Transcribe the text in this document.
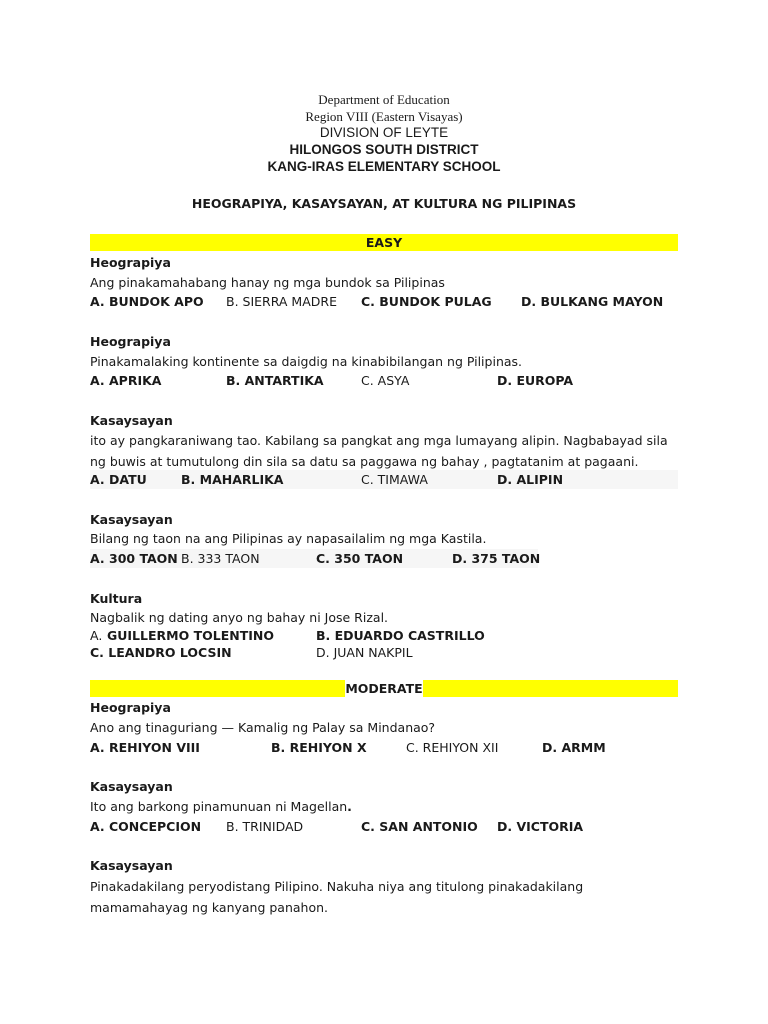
Department of Education
Region VIII (Eastern Visayas)
DIVISION OF LEYTE
HILONGOS SOUTH DISTRICT
KANG-IRAS ELEMENTARY SCHOOL
HEOGRAPIYA, KASAYSAYAN, AT KULTURA NG PILIPINAS
EASY
Heograpiya
Ang pinakamahabang hanay ng mga bundok sa Pilipinas
A. BUNDOK APO B. SIERRA MADRE C. BUNDOK PULAG D. BULKANG MAYON
Heograpiya
Pinakamalaking kontinente sa daigdig na kinabibilangan ng Pilipinas.
A. APRIKA	B. ANTARTIKA	C. ASYA	D. EUROPA
Kasaysayan
ito ay pangkaraniwang tao. Kabilang sa pangkat ang mga lumayang alipin. Nagbabayad sila ng buwis at tumutulong din sila sa datu sa paggawa ng bahay , pagtatanim at pagaani.
A. DATU	B. MAHARLIKA	C. TIMAWA	D. ALIPIN
Kasaysayan
Bilang ng taon na ang Pilipinas ay napasailalim ng mga Kastila.
A. 300 TAON B. 333 TAON	C. 350 TAON	D. 375 TAON
Kultura
Nagbalik ng dating anyo ng bahay ni Jose Rizal.
A. GUILLERMO TOLENTINO	B. EDUARDO CASTRILLO
C. LEANDRO LOCSIN	D. JUAN NAKPIL
MODERATE
Heograpiya
Ano ang tinaguriang — Kamalig ng Palay sa Mindanao?
A. REHIYON VIII	B. REHIYON X	C. REHIYON XII	D. ARMM
Kasaysayan
Ito ang barkong pinamunuan ni Magellan.
A. CONCEPCION B. TRINIDAD	C. SAN ANTONIO D. VICTORIA
Kasaysayan
Pinakadakilang peryodistang Pilipino. Nakuha niya ang titulong pinakadakilang mamamahayag ng kanyang panahon.
